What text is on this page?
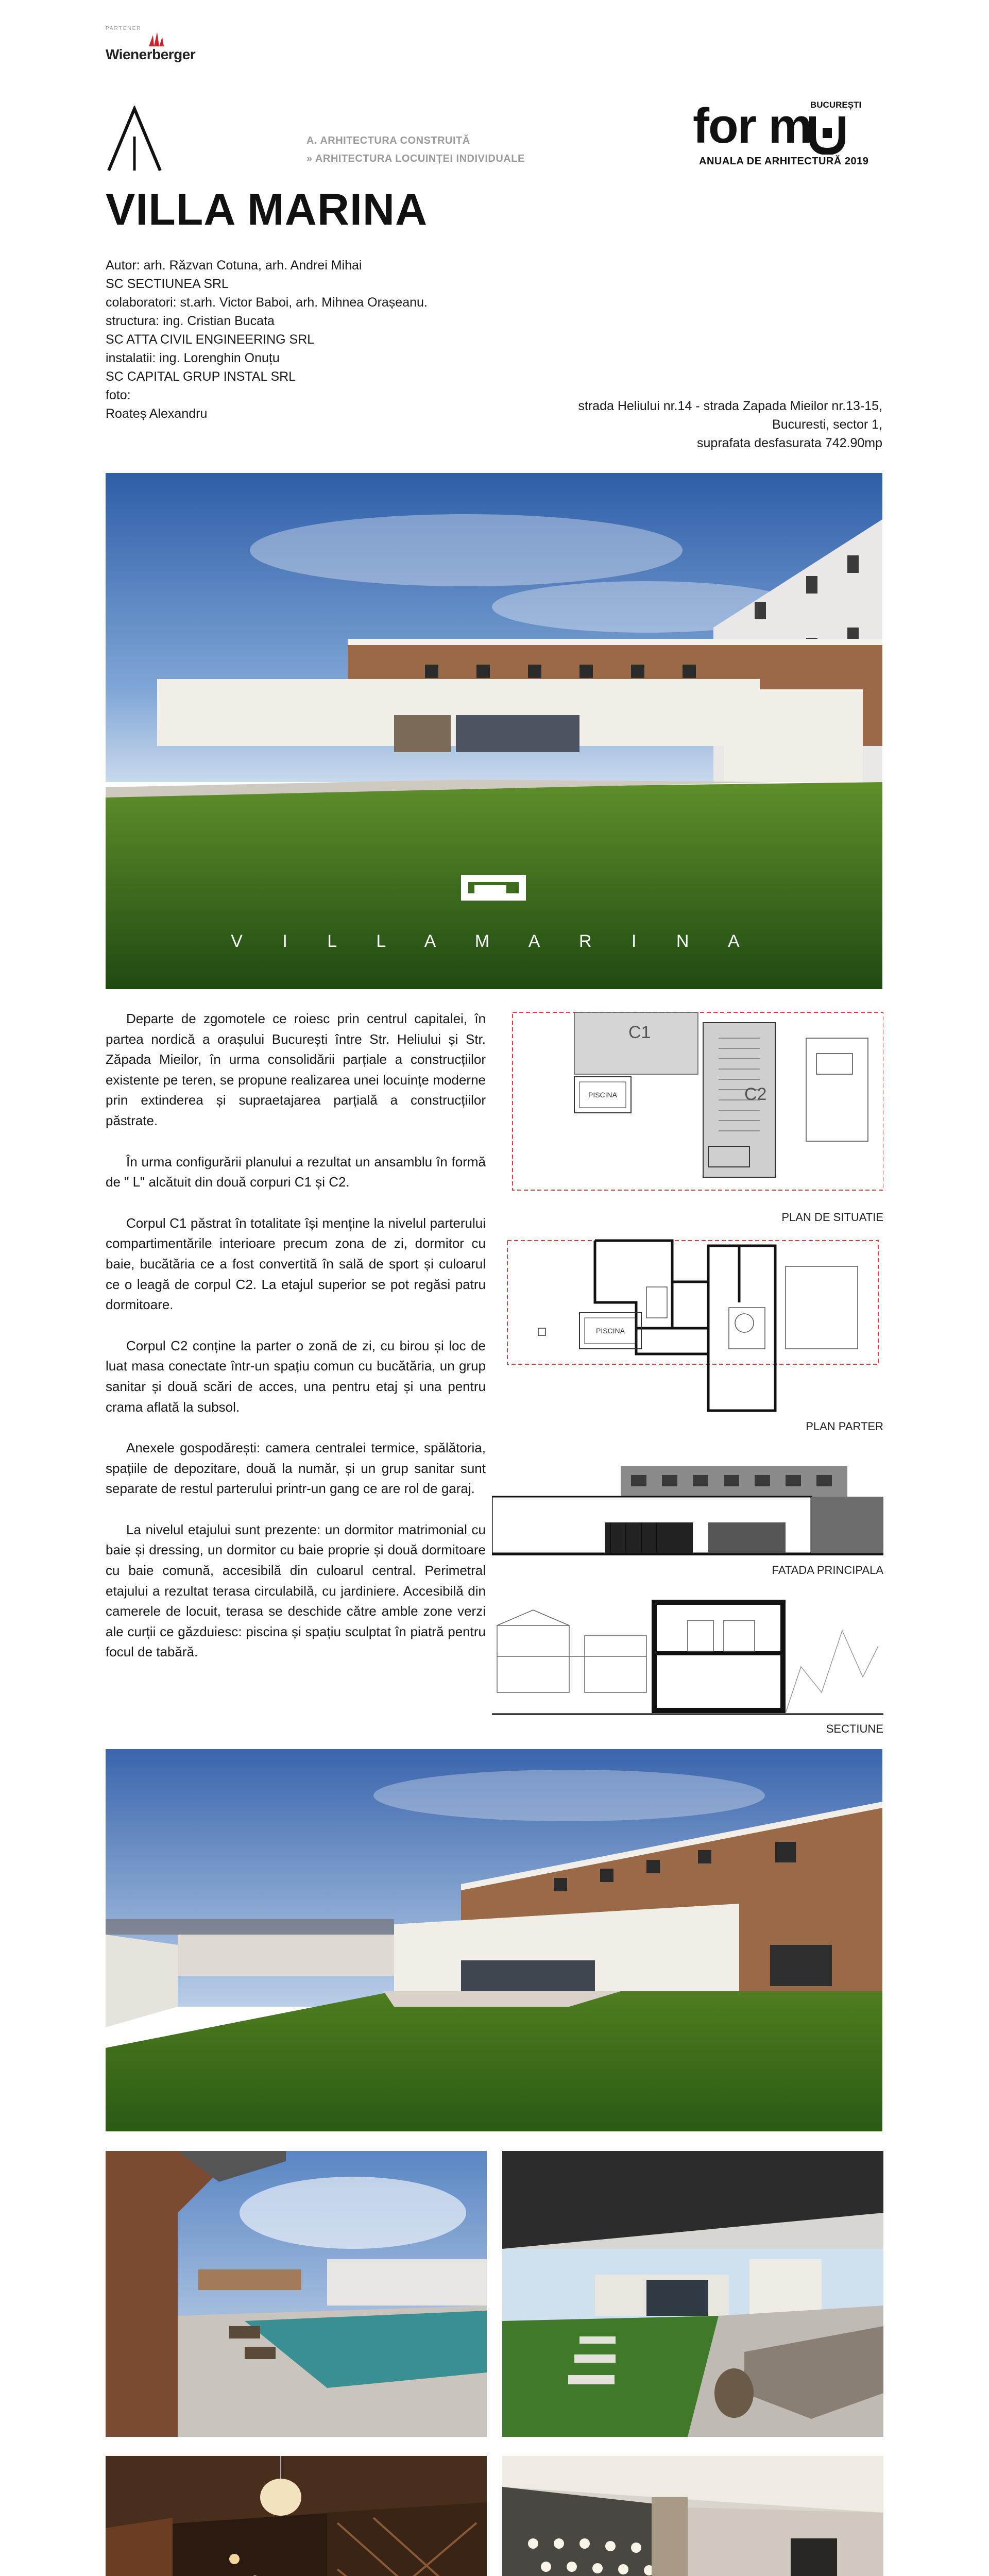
PARTENER
Wienerberger
A. ARHITECTURA CONSTRUITĂ
» ARHITECTURA LOCUINȚEI INDIVIDUALE
for m
BUCUREȘTI
ANUALA DE ARHITECTURĂ 2019
VILLA MARINA
Autor: arh. Răzvan Cotuna, arh. Andrei Mihai
SC SECTIUNEA SRL
colaboratori: st.arh. Victor Baboi, arh. Mihnea Orașeanu.
structura: ing. Cristian Bucata
SC ATTA CIVIL ENGINEERING SRL
instalatii: ing. Lorenghin Onuțu
SC CAPITAL GRUP INSTAL SRL
foto:
Roateș Alexandru
strada Heliului nr.14 - strada Zapada Mieilor nr.13-15,
Bucuresti, sector 1,
suprafata desfasurata 742.90mp
V I L L A M A R I N A

Departe de zgomotele ce roiesc prin centrul capitalei, în partea nordică a orașului București între Str. Heliului și Str. Zăpada Mieilor, în urma consolidării parțiale a construcțiilor existente pe teren, se propune realizarea unei locuințe moderne prin extinderea și supraetajarea parțială a construcțiilor păstrate.

În urma configurării planului a rezultat un ansamblu în formă de " L" alcătuit din două corpuri C1 și C2.

Corpul C1 păstrat în totalitate își menține la nivelul parterului compartimentările interioare precum zona de zi, dormitor cu baie, bucătăria ce a fost convertită în sală de sport și culoarul ce o leagă de corpul C2. La etajul superior se pot regăsi patru dormitoare.

Corpul C2 conține la parter o zonă de zi, cu birou și loc de luat masa conectate într-un spațiu comun cu bucătăria, un grup sanitar și două scări de acces, una pentru etaj și una pentru crama aflată la subsol.

Anexele gospodărești: camera centralei termice, spălătoria, spațiile de depozitare, două la număr, și un grup sanitar sunt separate de restul parterului printr-un gang ce are rol de garaj.

La nivelul etajului sunt prezente: un dormitor matrimonial cu baie și dressing, un dormitor cu baie proprie și două dormitoare cu baie comună, accesibilă din culoarul central. Perimetral etajului a rezultat terasa circulabilă, cu jardiniere. Accesibilă din camerele de locuit, terasa se deschide către amble zone verzi ale curții ce găzduiesc: piscina și spațiu sculptat în piatră pentru focul de tabără.

C1
C2
PISCINA
PLAN DE SITUATIE
PISCINA
PLAN PARTER
FATADA PRINCIPALA
SECTIUNE
